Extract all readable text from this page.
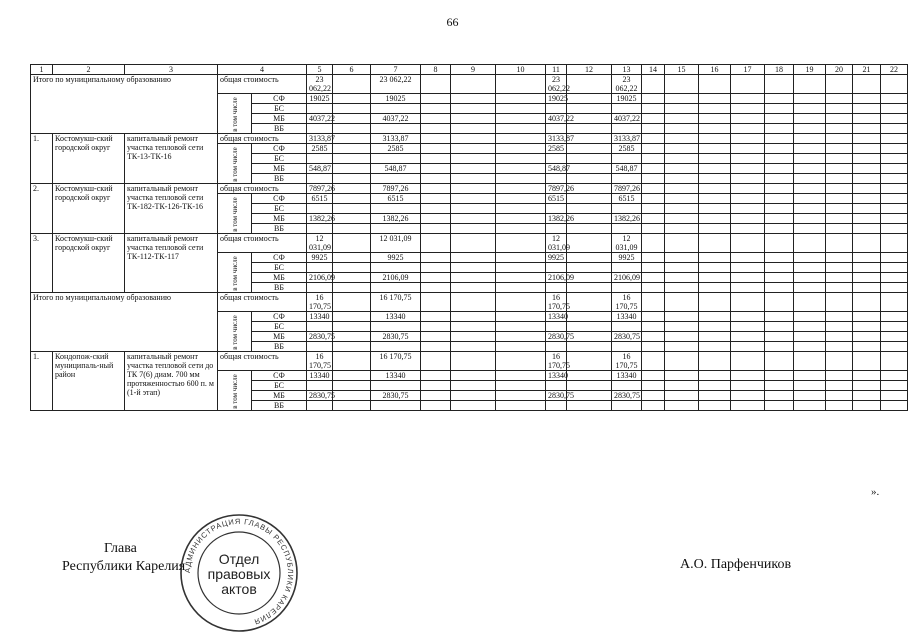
66
1	2	3	4		5	6	7	8	9	10	11	12	13	14	15	16	17	18	19	20	21	22
Итого по муниципальному образованию			общая стоимость		23 062,22		23 062,22				23 062,22		23 062,22									
			в том числе	СФ	19025		19025				19025		19025									
				БС																		
				МБ	4037,22		4037,22				4037,22		4037,22									
				ВБ																		
1.	Костомукш-ский городской округ	капитальный ремонт участка тепловой сети ТК-13-ТК-16	общая стоимость		3133,87		3133,87				3133,87		3133,87									
			в том числе	СФ	2585		2585				2585		2585									
				БС																		
				МБ	548,87		548,87				548,87		548,87									
				ВБ																		
2.	Костомукш-ский городской округ	капитальный ремонт участка тепловой сети ТК-182-ТК-126-ТК-16	общая стоимость		7897,26		7897,26				7897,26		7897,26									
			в том числе	СФ	6515		6515				6515		6515									
				БС																		
				МБ	1382,26		1382,26				1382,26		1382,26									
				ВБ																		
3.	Костомукш-ский городской округ	капитальный ремонт участка тепловой сети ТК-112-ТК-117	общая стоимость		12 031,09		12 031,09				12 031,09		12 031,09									
			в том числе	СФ	9925		9925				9925		9925									
				БС																		
				МБ	2106,09		2106,09				2106,09		2106,09									
				ВБ																		
Итого по муниципальному образованию			общая стоимость		16 170,75		16 170,75				16 170,75		16 170,75									
			в том числе	СФ	13340		13340				13340		13340									
				БС																		
				МБ	2830,75		2830,75				2830,75		2830,75									
				ВБ																		
1.	Кондопож-ский муниципаль-ный район	капитальный ремонт участка тепловой сети до ТК 7(6) диам. 700 мм протяженностью 600 п. м (1-й этап)	общая стоимость		16 170,75		16 170,75				16 170,75		16 170,75									
			в том числе	СФ	13340		13340				13340		13340									
				БС																		
				МБ	2830,75		2830,75				2830,75		2830,75									
				ВБ																		
».
Глава
Республики Карелия
АДМИНИСТРАЦИЯ ГЛАВЫ РЕСПУБЛИКИ КАРЕЛИЯ
Отдел
правовых
актов
А.О. Парфенчиков
